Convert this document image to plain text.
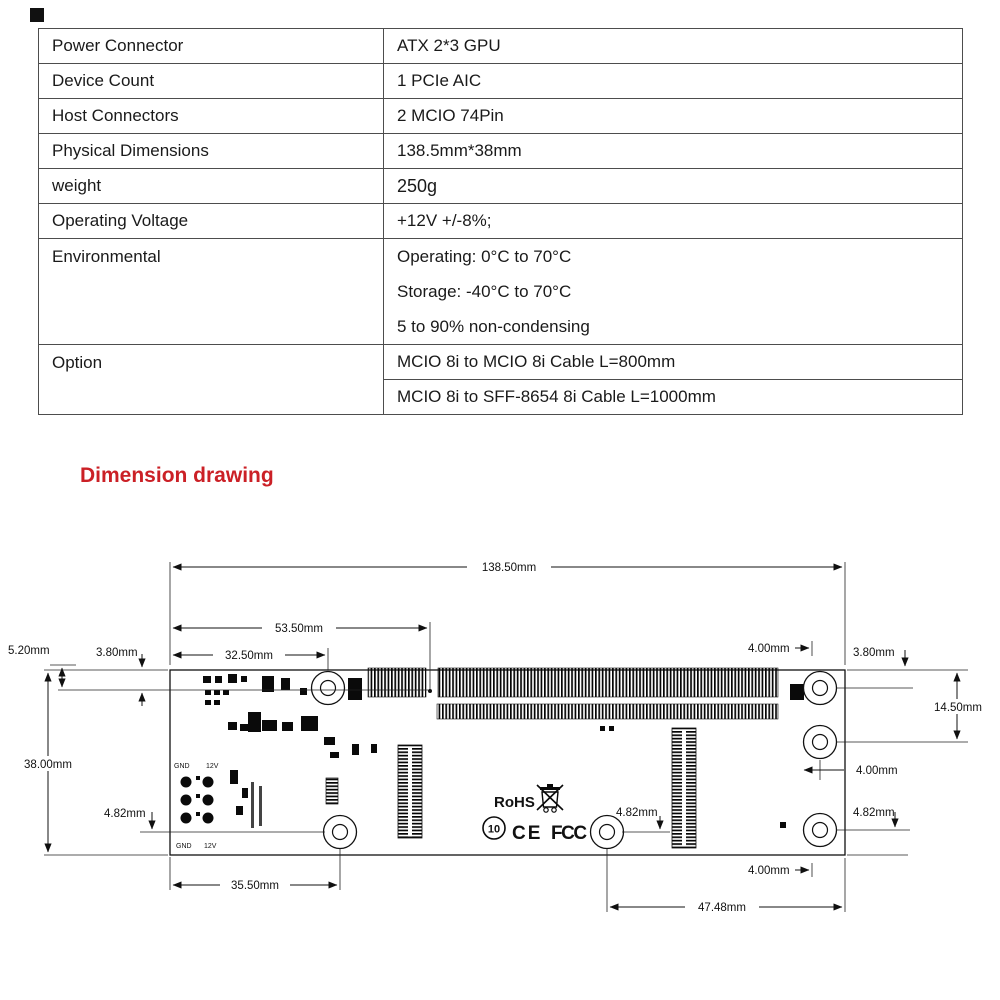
Power Connector	ATX 2*3 GPU
Device Count	1 PCIe AIC
Host Connectors	2 MCIO 74Pin
Physical Dimensions	138.5mm*38mm
weight	250g
Operating Voltage	+12V +/-8%;
Environmental	Operating: 0°C to 70°C
Storage: -40°C to 70°C
5 to 90% non-condensing

Option	MCIO 8i to MCIO 8i Cable L=800mm
	MCIO 8i to SFF-8654 8i Cable L=1000mm
Dimension drawing
GND 12V
GND 12V
RoHS
10 CE FCC
138.50mm
53.50mm
32.50mm
38.00mm
35.50mm
47.48mm
14.50mm
5.20mm	3.80mm
4.82mm
4.00mm	3.80mm
4.00mm
4.82mm
4.82mm
4.00mm
